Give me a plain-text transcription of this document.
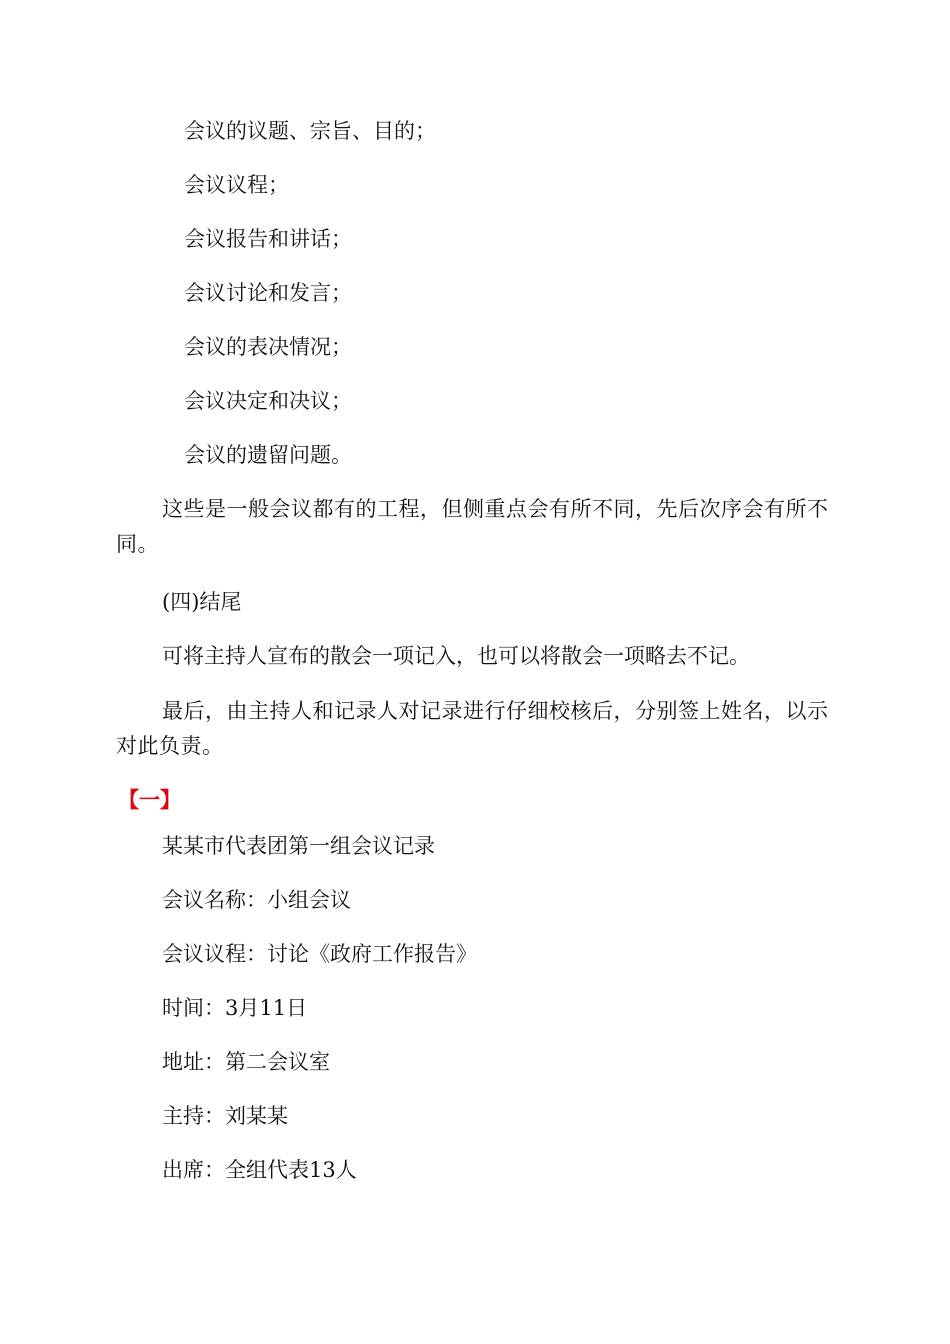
会议的议题、宗旨、目的；

会议议程；

会议报告和讲话；

会议讨论和发言；

会议的表决情况；

会议决定和决议；

会议的遗留问题。

这些是一般会议都有的工程，但侧重点会有所不同，先后次序会有所不同。

(四)结尾

可将主持人宣布的散会一项记入，也可以将散会一项略去不记。

最后，由主持人和记录人对记录进行仔细校核后，分别签上姓名，以示对此负责。

【一】

某某市代表团第一组会议记录

会议名称：小组会议

会议议程：讨论《政府工作报告》

时间：3月11日

地址：第二会议室

主持：刘某某

出席：全组代表13人
